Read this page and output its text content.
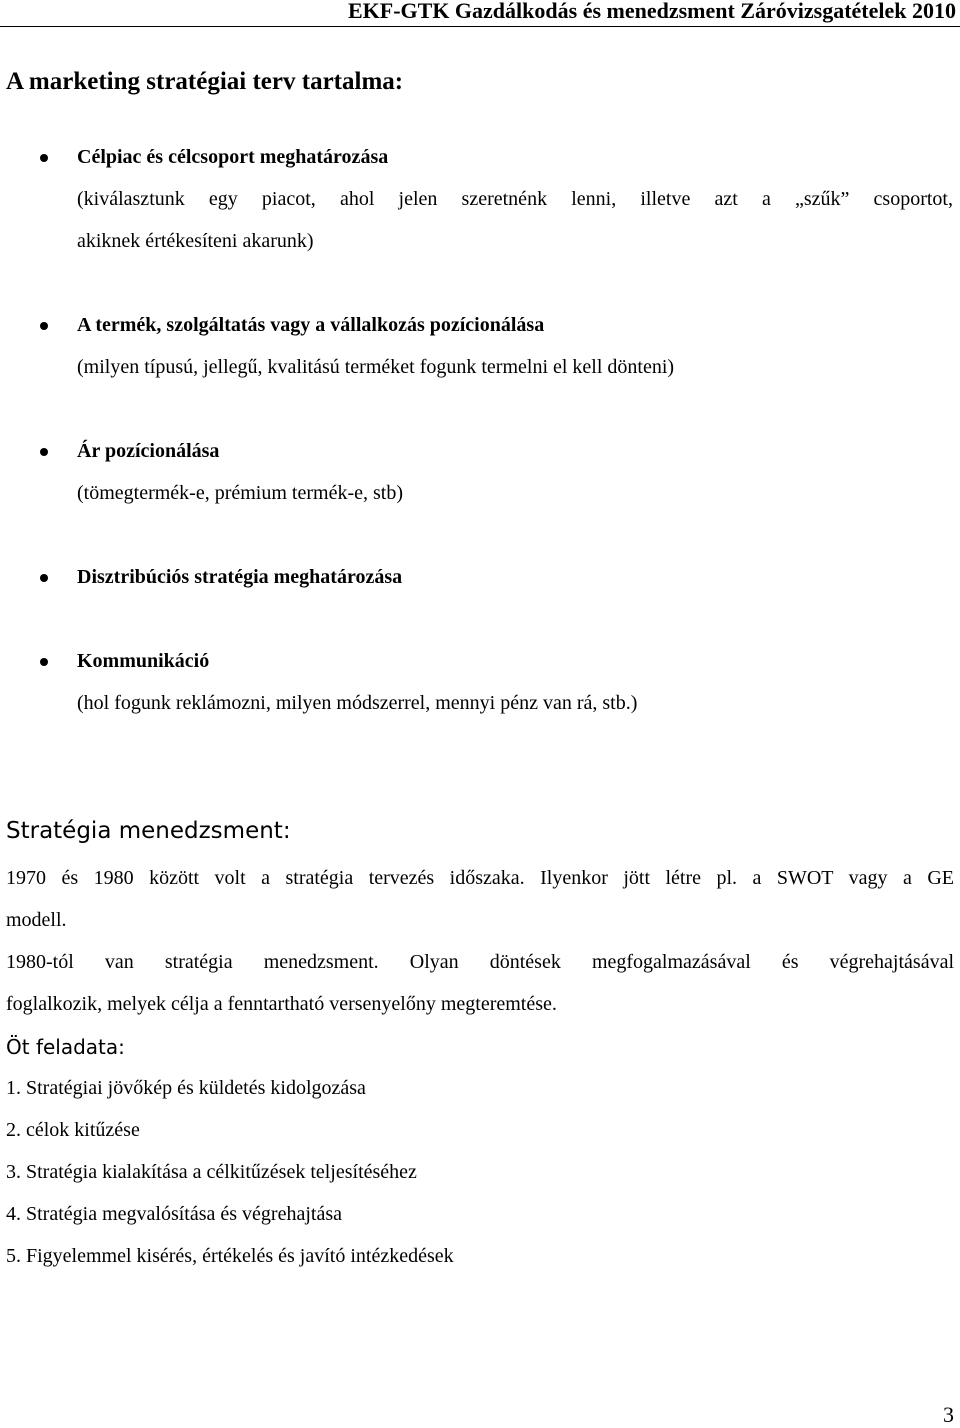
EKF-GTK Gazdálkodás és menedzsment Záróvizsgatételek 2010
A marketing stratégiai terv tartalma:
Célpiac és célcsoport meghatározása
(kiválasztunk egy piacot, ahol jelen szeretnénk lenni, illetve azt a „szűk” csoportot,
akiknek értékesíteni akarunk)
A termék, szolgáltatás vagy a vállalkozás pozícionálása
(milyen típusú, jellegű, kvalitású terméket fogunk termelni el kell dönteni)
Ár pozícionálása
(tömegtermék-e, prémium termék-e, stb)
Disztribúciós stratégia meghatározása
Kommunikáció
(hol fogunk reklámozni, milyen módszerrel, mennyi pénz van rá, stb.)
Stratégia menedzsment:
1970 és 1980 között volt a stratégia tervezés időszaka. Ilyenkor jött létre pl. a SWOT vagy a GE
modell.
1980-tól van stratégia menedzsment. Olyan döntések megfogalmazásával és végrehajtásával
foglalkozik, melyek célja a fenntartható versenyelőny megteremtése.
Öt feladata:
1. Stratégiai jövőkép és küldetés kidolgozása
2. célok kitűzése
3. Stratégia kialakítása a célkitűzések teljesítéséhez
4. Stratégia megvalósítása és végrehajtása
5. Figyelemmel kisérés, értékelés és javító intézkedések
3
